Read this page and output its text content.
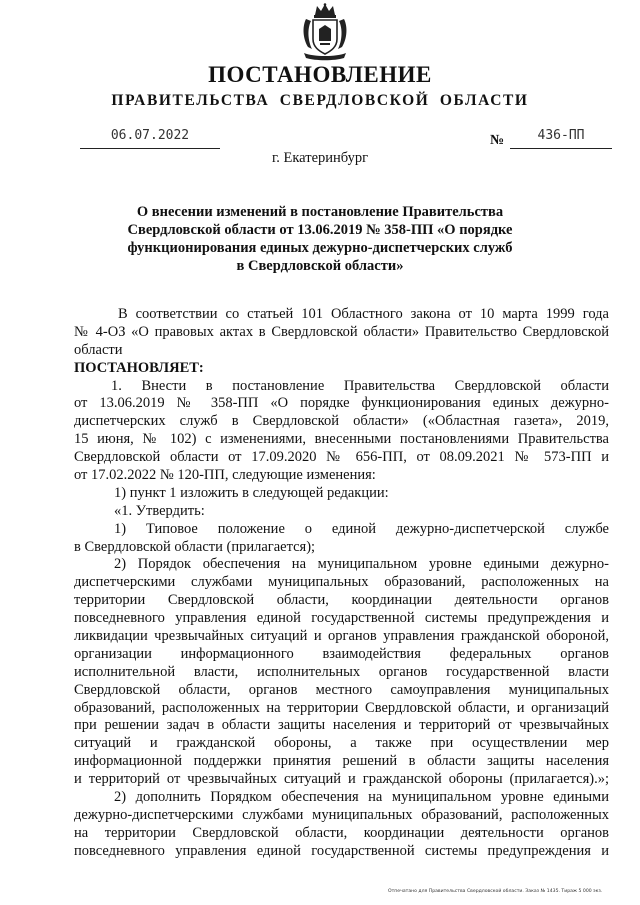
ПОСТАНОВЛЕНИЕ
ПРАВИТЕЛЬСТВА СВЕРДЛОВСКОЙ ОБЛАСТИ
06.07.2022	№	436-ПП
г. Екатеринбург
О внесении изменений в постановление Правительства
Свердловской области от 13.06.2019 № 358-ПП «О порядке
функционирования единых дежурно-диспетчерских служб
в Свердловской области»
В соответствии со статьей 101 Областного закона от 10 марта 1999 года
№ 4-ОЗ «О правовых актах в Свердловской области» Правительство Свердловской
области
ПОСТАНОВЛЯЕТ:
1. Внести в постановление Правительства Свердловской области
от 13.06.2019 № 358-ПП «О порядке функционирования единых дежурно-
диспетчерских служб в Свердловской области» («Областная газета», 2019,
15 июня, № 102) с изменениями, внесенными постановлениями Правительства
Свердловской области от 17.09.2020 № 656-ПП, от 08.09.2021 № 573-ПП и
от 17.02.2022 № 120-ПП, следующие изменения:
1) пункт 1 изложить в следующей редакции:
«1. Утвердить:
1) Типовое положение о единой дежурно-диспетчерской службе
в Свердловской области (прилагается);
2) Порядок обеспечения на муниципальном уровне едиными дежурно-
диспетчерскими службами муниципальных образований, расположенных на
территории Свердловской области, координации деятельности органов
повседневного управления единой государственной системы предупреждения и
ликвидации чрезвычайных ситуаций и органов управления гражданской обороной,
организации информационного взаимодействия федеральных органов
исполнительной власти, исполнительных органов государственной власти
Свердловской области, органов местного самоуправления муниципальных
образований, расположенных на территории Свердловской области, и организаций
при решении задач в области защиты населения и территорий от чрезвычайных
ситуаций и гражданской обороны, а также при осуществлении мер
информационной поддержки принятия решений в области защиты населения
и территорий от чрезвычайных ситуаций и гражданской обороны (прилагается).»;
2) дополнить Порядком обеспечения на муниципальном уровне едиными
дежурно-диспетчерскими службами муниципальных образований, расположенных
на территории Свердловской области, координации деятельности органов
повседневного управления единой государственной системы предупреждения и
Отпечатано для Правительства Свердловской области. Заказ № 1435. Тираж 5 000 экз.
